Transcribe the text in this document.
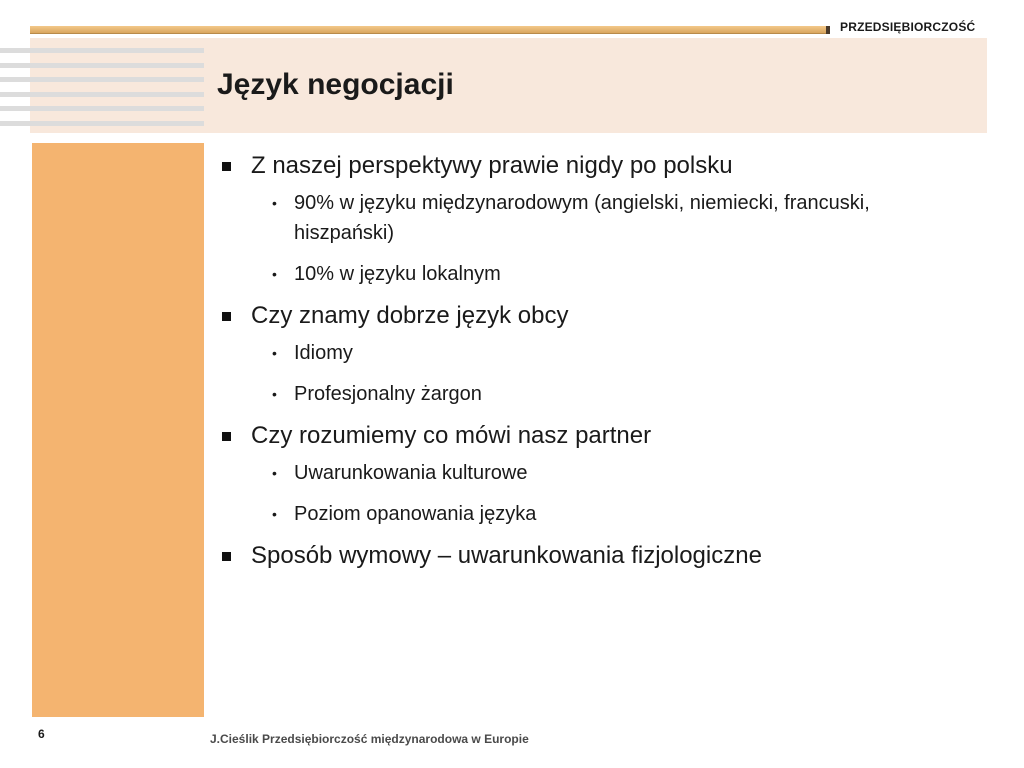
PRZEDSIĘBIORCZOŚĆ
Język negocjacji
Z naszej perspektywy prawie nigdy po polsku
• 90% w języku międzynarodowym (angielski, niemiecki, francuski, hiszpański)
• 10% w języku lokalnym
Czy znamy dobrze język obcy
• Idiomy
• Profesjonalny żargon
Czy rozumiemy co mówi nasz partner
• Uwarunkowania kulturowe
• Poziom opanowania języka
Sposób wymowy – uwarunkowania fizjologiczne
6	J.Cieślik Przedsiębiorczość międzynarodowa w Europie
